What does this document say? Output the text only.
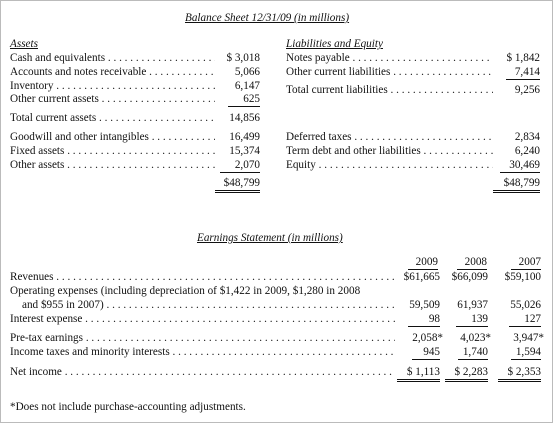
Balance Sheet 12/31/09 (in millions)
Assets
Cash and equivalents . . .	$ 3,018
Accounts and notes receivable . . .	5,066
Inventory . . .	6,147
Other current assets . . .	625
Total current assets . . .	14,856
Goodwill and other intangibles . . .	16,499
Fixed assets . . .	15,374
Other assets . . .	2,070
$48,799
Liabilities and Equity
Notes payable . . .	$ 1,842
Other current liabilities . . .	7,414
Total current liabilities . . .	9,256
Deferred taxes . . .	2,834
Term debt and other liabilities . . .	6,240
Equity . . .	30,469
$48,799
Earnings Statement (in millions)
2009	2008	2007
Revenues . . .	$61,665	$66,099	$59,100
Operating expenses (including depreciation of $1,422 in 2009, $1,280 in 2008
and $955 in 2007) . . .	59,509	61,937	55,026
Interest expense . . .	98	139	127
Pre-tax earnings . . .	2,058*	4,023*	3,947*
Income taxes and minority interests . . .	945	1,740	1,594
Net income . . .	$ 1,113	$ 2,283	$ 2,353
*Does not include purchase-accounting adjustments.
